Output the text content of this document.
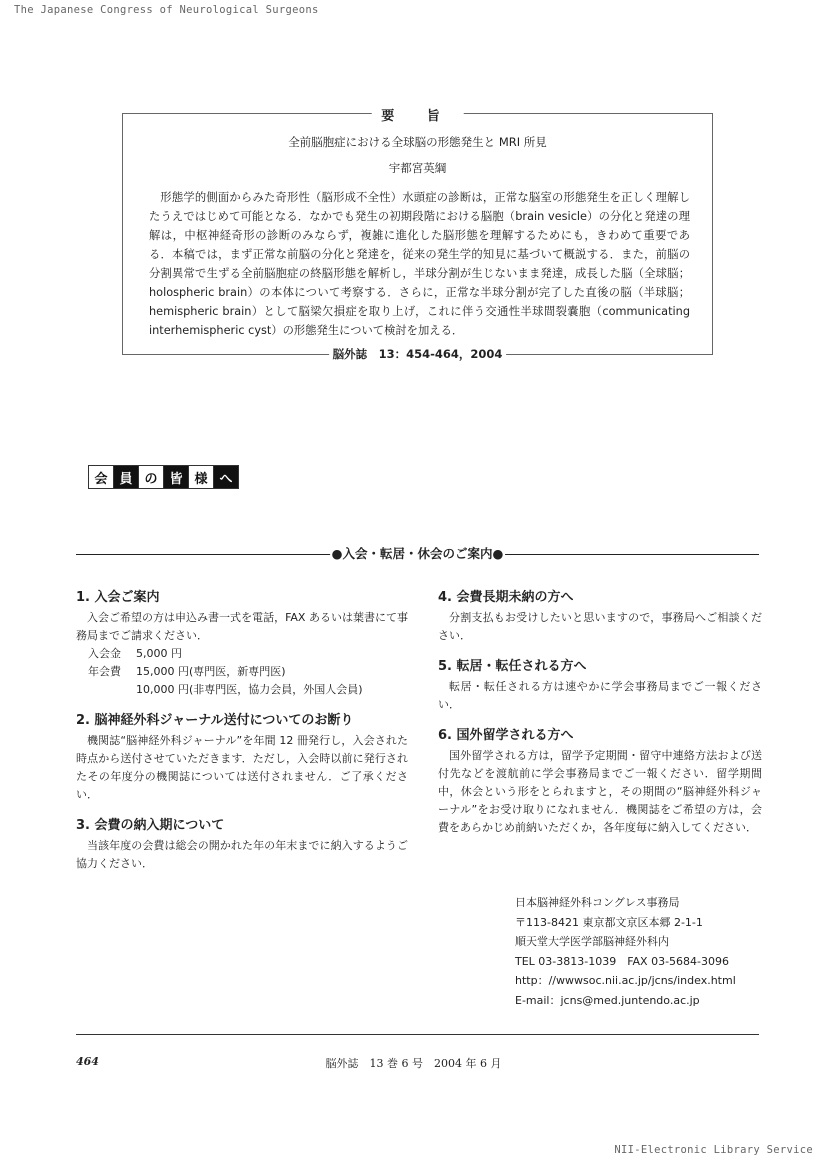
The Japanese Congress of Neurological Surgeons
要 旨
全前脳胞症における全球脳の形態発生と MRI 所見
宇都宮英綱
形態学的側面からみた奇形性（脳形成不全性）水頭症の診断は，正常な脳室の形態発生を正しく理解したうえではじめて可能となる．なかでも発生の初期段階における脳胞（brain vesicle）の分化と発達の理解は，中枢神経奇形の診断のみならず，複雑に進化した脳形態を理解するためにも，きわめて重要である．本稿では，まず正常な前脳の分化と発達を，従来の発生学的知見に基づいて概説する．また，前脳の分割異常で生ずる全前脳胞症の終脳形態を解析し，半球分割が生じないまま発達，成長した脳（全球脳；holospheric brain）の本体について考察する．さらに，正常な半球分割が完了した直後の脳（半球脳；hemispheric brain）として脳梁欠損症を取り上げ，これに伴う交通性半球間裂嚢胞（communicating interhemispheric cyst）の形態発生について検討を加える．
脳外誌　13：454-464，2004
会 員 の 皆 様 へ
●入会・転居・休会のご案内●
1. 入会ご案内
入会ご希望の方は申込み書一式を電話，FAX あるいは葉書にて事務局までご請求ください．
入会金	5,000 円
年会費	15,000 円(専門医，新専門医)
10,000 円(非専門医，協力会員，外国人会員)
2. 脳神経外科ジャーナル送付についてのお断り
機関誌“脳神経外科ジャーナル”を年間 12 冊発行し，入会された時点から送付させていただきます．ただし，入会時以前に発行されたその年度分の機関誌については送付されません．ご了承ください．
3. 会費の納入期について
当該年度の会費は総会の開かれた年の年末までに納入するようご協力ください．
4. 会費長期未納の方へ
分割支払もお受けしたいと思いますので，事務局へご相談ください．
5. 転居・転任される方へ
転居・転任される方は速やかに学会事務局までご一報ください．
6. 国外留学される方へ
国外留学される方は，留学予定期間・留守中連絡方法および送付先などを渡航前に学会事務局までご一報ください．留学期間中，休会という形をとられますと，その期間の“脳神経外科ジャーナル”をお受け取りになれません．機関誌をご希望の方は，会費をあらかじめ前納いただくか，各年度毎に納入してください．
日本脳神経外科コングレス事務局
〒113-8421 東京都文京区本郷 2-1-1
順天堂大学医学部脳神経外科内
TEL 03-3813-1039　FAX 03-5684-3096
http：//wwwsoc.nii.ac.jp/jcns/index.html
E-mail：jcns@med.juntendo.ac.jp
464	脳外誌　13 巻 6 号　2004 年 6 月
NII-Electronic Library Service
